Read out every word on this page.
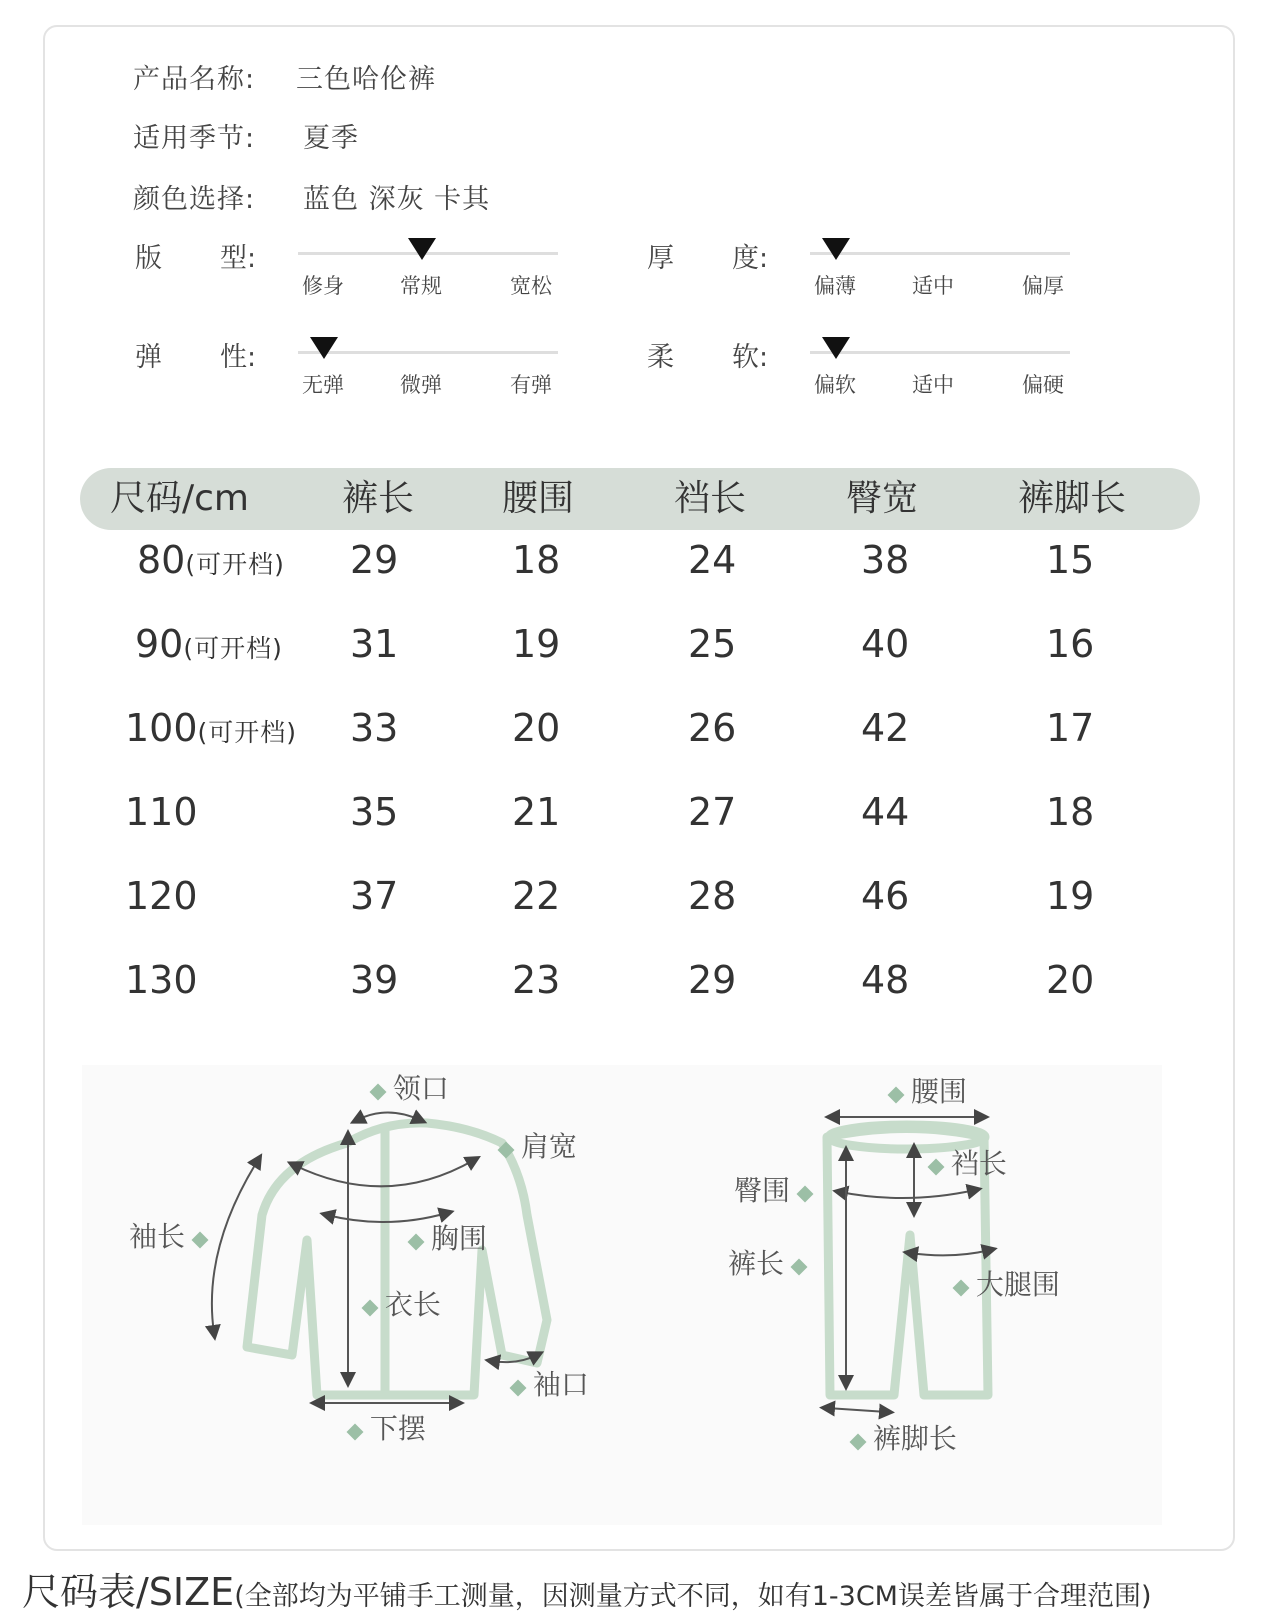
产品名称: 三色哈伦裤
适用季节: 夏季
颜色选择: 蓝色 深灰 卡其
版 型:
修身	常规	宽松
厚 度:
偏薄	适中	偏厚
弹 性:
无弹	微弹	有弹
柔 软:
偏软	适中	偏硬
尺码/cm	裤长 腰围	裆长	臀宽	裤脚长
80(可开档) 29	18	24	38	15
90(可开档) 31	19	25	40	16
100(可开档) 33	20	26	42	17
110	35	21	27	44	18
120	37	22	28	46	19
130	39	23	29	48	20
领口
肩宽
袖长	胸围
衣长
袖口
下摆
腰围
裆长
臀围
裤长
大腿围
裤脚长
尺码表/SIZE(全部均为平铺手工测量，因测量方式不同，如有1-3CM误差皆属于合理范围)
